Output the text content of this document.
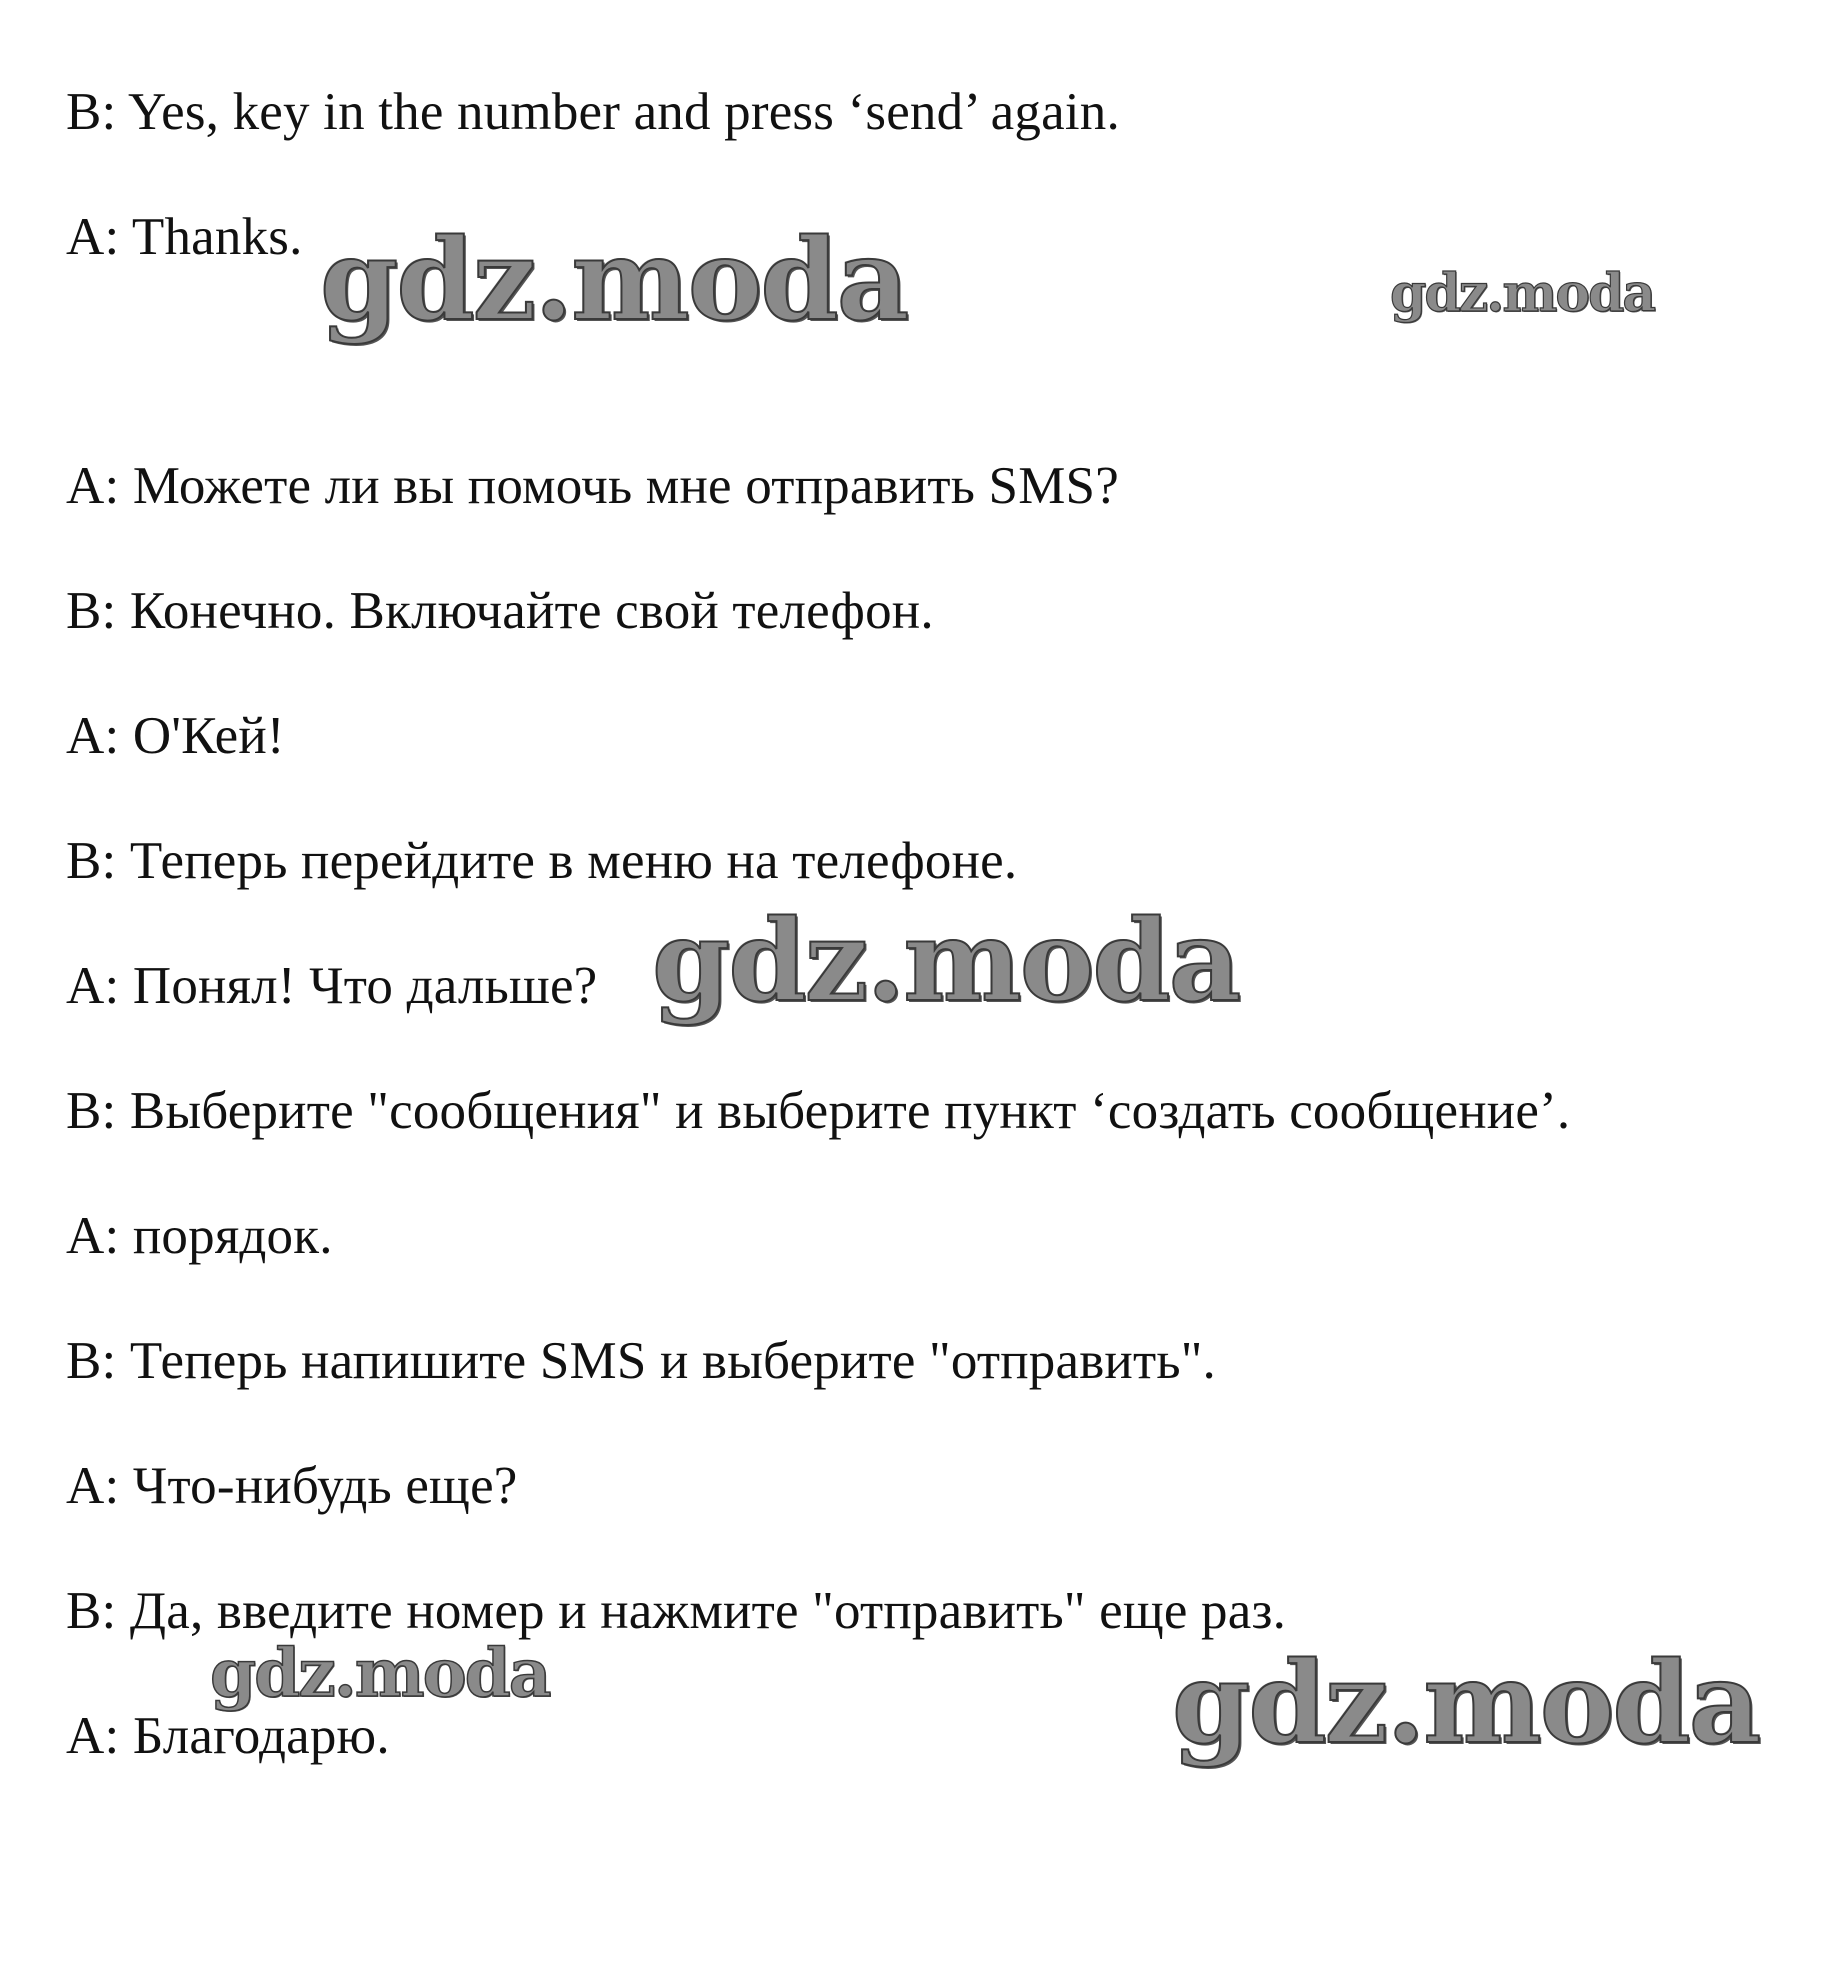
B: Yes, key in the number and press ‘send’ again.
A: Thanks.
A: Можете ли вы помочь мне отправить SMS?
B: Конечно. Включайте свой телефон.
A: О'Кей!
B: Теперь перейдите в меню на телефоне.
A: Понял! Что дальше?
B: Выберите "сообщения" и выберите пункт ‘создать сообщение’.
A: порядок.
B: Теперь напишите SMS и выберите "отправить".
A: Что-нибудь еще?
B: Да, введите номер и нажмите "отправить" еще раз.
A: Благодарю.
gdz.moda	gdz.moda
gdz.moda
gdz.moda	gdz.moda
